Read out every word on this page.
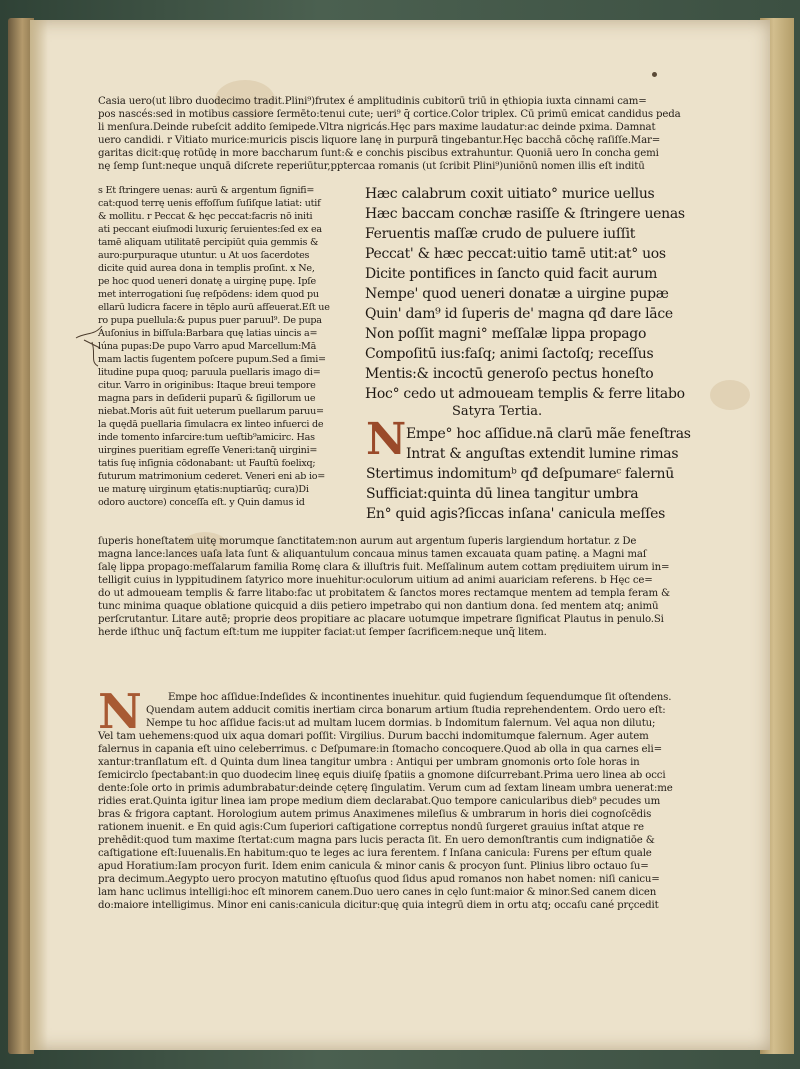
Casia uero(ut libro duodecimo tradit.Plini⁹)frutex é amplitudinis cubitorū triū in ęthiopia iuxta cinnami cam=
pos nascés:sed in motibus cassiore ſermēto:tenui cute; ueri⁹ q̄ cortice.Color triplex. Cū primū emicat candidus peda
li menſura.Deinde rubeſcit addito ſemipede.Vltra nigricás.Hęc pars maxime laudatur:ac deinde pxima. Damnat
uero candidi. r Vitiato murice:muricis piscis liquore lanę in purpurā tingebantur.Hęc bacchā cōchę raſiſſe.Mar=
garitas dicit:quę rotūdę in more baccharum ſunt:& e conchis piscibus extrahuntur. Quoniā uero In concha gemi
nę ſemp ſunt:neque unquā diſcrete reperiūtur,pptercaa romanis (ut ſcribit Plini⁹)uniōnū nomen illis eſt inditū
s Et ſtringere uenas: aurū & argentum ſignifi=
cat:quod terrę uenis effoſſum ſuſiſque latiat: utif
& mollitu. r Peccat & hęc peccat:facris nō initi
ati peccant eiuſmodi luxuriç ſeruientes:ſed ex ea
tamē aliquam utilitatē percipiūt quia gemmis &
auro:purpuraque utuntur. u At uos ſacerdotes
dicite quid aurea dona in templis proſint. x Ne,
pe hoc quod ueneri donatę a uirginę pupę. Ipſe
met interrogationi ſuę reſpōdens: idem quod pu
ellarū ludicra facere in tēplo aurū afſeuerat.Eſt ue
ro pupa puellula:& pupus puer paruul⁹. De pupa
Auſonius in biſſula:Barbara quę latias uincis a=
lúna pupas:De pupo Varro apud Marcellum:Mā
mam lactis ſugentem poſcere pupum.Sed a ſimi=
litudine pupa quoq; paruula puellaris imago di=
citur. Varro in originibus: Itaque breui tempore
magna pars in deſiderii puparū & ſigillorum ue
niebat.Moris aūt fuit ueterum puellarum paruu=
la quędā puellaria ſimulacra ex linteo infuerci de
inde tomento infarcire:tum ueſtib⁹amicirc. Has
uirgines pueritiam egreſſe Veneri:tanq̄ uirgini=
tatis ſuę inſignia cōdonabant: ut Fauſtū foelixq;
futurum matrimonium cederet. Veneri eni ab io=
ue maturę uirginum ętatis:nuptiarūq; cura)Di
odoro auctore) conceſſa eſt. y Quin damus id
Hæc calabrum coxit uitiato° murice uellus
Hæc baccam conchæ rasiſſe & ſtringere uenas
Feruentis maſſæ crudo de puluere iuſſit
Peccat' & hæc peccat:uitio tamē utit:at° uos
Dicite pontifices in ſancto quid facit aurum
Nempe' quod ueneri donatæ a uirgine pupæ
Quin' dam⁹ id ſuperis de' magna qđ dare lāce
Non poſſit magni° meſſalæ lippa propago
Compoſitū ius:faſq; animi ſactoſq; receſſus
Mentis:& incoctū generoſo pectus honeſto
Hoc° cedo ut admoueam templis & ferre litabo
Satyra Tertia.
N Empe° hoc aſſidue.nā clarū mãe feneſtras
Intrat & anguſtas extendit lumine rimas
Stertimus indomitumᵇ qđ deſpumareᶜ falernū
Sufficiat:quinta dū linea tangitur umbra
En° quid agis?ſiccas inſana' canicula meſſes
ſuperis honeſtatem uitę morumque ſanctitatem:non aurum aut argentum ſuperis largiendum hortatur. z De
magna lance:lances uaſa lata ſunt & aliquantulum concaua minus tamen excauata quam patinę. a Magni maſ
ſalę lippa propago:meſſalarum familia Romę clara & illuſtris fuit. Meſſalinum autem cottam prędiuitem uirum in=
telligit cuius in lyppitudinem ſatyrico more inuehitur:oculorum uitium ad animi auariciam referens. b Hęc ce=
do ut admoueam templis & farre litabo:fac ut probitatem & ſanctos mores rectamque mentem ad templa feram &
tunc minima quaque oblatione quicquid a diis petiero impetrabo qui non dantium dona. ſed mentem atq; animū
perſcrutantur. Litare autē; proprie deos propitiare ac placare uotumque impetrare ſignificat Plautus in penulo.Si
herde iſthuc unq̄ factum eſt:tum me iuppiter faciat:ut ſemper ſacrificem:neque unq̄ litem.
N	Empe hoc aſſidue:Indeſides & incontinentes inuehitur. quid fugiendum ſequendumque ſit oſtendens.
Quendam autem adducit comitis inertiam circa bonarum artium ſtudia reprehendentem. Ordo uero eſt:
Nempe tu hoc aſſidue facis:ut ad multam lucem dormias. b Indomitum falernum. Vel aqua non dilutu;
Vel tam uehemens:quod uix aqua domari poſſit: Virgilius. Durum bacchi indomitumque falernum. Ager autem
falernus in capania eſt uino celeberrimus. c Deſpumare:in ſtomacho concoquere.Quod ab olla in qua carnes eli=
xantur:tranſlatum eſt. d Quinta dum linea tangitur umbra : Antiqui per umbram gnomonis orto ſole horas in
ſemicirclo ſpectabant:in quo duodecim lineę equis diuiſę ſpatiis a gnomone diſcurrebant.Prima uero linea ab occi
dente:ſole orto in primis adumbrabatur:deinde cęterę ſingulatim. Verum cum ad ſextam lineam umbra uenerat:me
ridies erat.Quinta igitur linea iam prope medium diem declarabat.Quo tempore canicularibus dieb⁹ pecudes um
bras & frigora captant. Horologium autem primus Anaximenes mileſius & umbrarum in horis diei cognoſcēdis
rationem inuenit. e En quid agis:Cum ſuperiori caſtigatione correptus nondū ſurgeret grauius inſtat atque re
prehēdit:quod tum maxime ſtertat:cum magna pars lucis peracta ſit. En uero demonſtrantis cum indignatiōe &
caſtigatione eſt:Iuuenalis.En habitum:quo te leges ac iura ferentem. f Inſana canicula: Furens per eſtum quale
apud Horatium:Iam procyon furit. Idem enim canicula & minor canis & procyon ſunt. Plinius libro octauo ſu=
pra decimum.Aegypto uero procyon matutino ęſtuoſus quod ſidus apud romanos non habet nomen: niſi canicu=
lam hanc uclimus intelligi:hoc eſt minorem canem.Duo uero canes in cęlo ſunt:maior & minor.Sed canem dicen
do:maiore intelligimus. Minor eni canis:canicula dicitur:quę quia integrū diem in ortu atq; occaſu cané prçcedit
